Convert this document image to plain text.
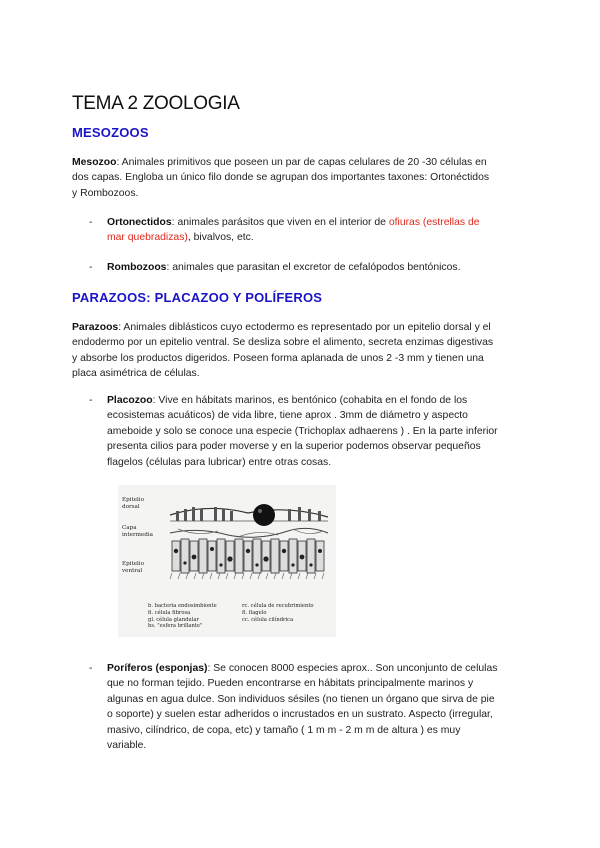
TEMA 2 ZOOLOGIA
MESOZOOS
Mesozoo: Animales primitivos que poseen un par de capas celulares de 20 -30 células en
dos capas. Engloba un único filo donde se agrupan dos importantes taxones: Ortonéctidos
y Rombozoos.
- Ortonectidos: animales parásitos que viven en el interior de ofiuras (estrellas de
mar quebradizas), bivalvos, etc.
- Rombozoos: animales que parasitan el excretor de cefalópodos bentónicos.
PARAZOOS: PLACAZOO Y POLÍFEROS
Parazoos: Animales diblásticos cuyo ectodermo es representado por un epitelio dorsal y el
endodermo por un epitelio ventral. Se desliza sobre el alimento, secreta enzimas digestivas
y absorbe los productos digeridos. Poseen forma aplanada de unos 2 -3 mm y tienen una
placa asimétrica de células.
- Placozoo: Vive en hábitats marinos, es bentónico (cohabita en el fondo de los
ecosistemas acuáticos) de vida libre, tiene aprox . 3mm de diámetro y aspecto
ameboide y solo se conoce una especie (Trichoplax adhaerens ) . En la parte inferior
presenta cilios para poder moverse y en la superior podemos observar pequeños
flagelos (células para lubricar) entre otras cosas.
Epitelio
dorsal
Capa
intermedia
Epitelio
ventral
b. bacteria endosimbionte
fi. célula fibrosa
gl. célula glandular
bs. "esfera brillante"
rc. célula de recubrimiento
fl. flagelo
cc. célula cilíndrica
- Poríferos (esponjas): Se conocen 8000 especies aprox.. Son unconjunto de celulas
que no forman tejido. Pueden encontrarse en hábitats principalmente marinos y
algunas en agua dulce. Son individuos sésiles (no tienen un órgano que sirva de pie
o soporte) y suelen estar adheridos o incrustados en un sustrato. Aspecto (irregular,
masivo, cilíndrico, de copa, etc) y tamaño ( 1 m m - 2 m m de altura ) es muy
variable.
